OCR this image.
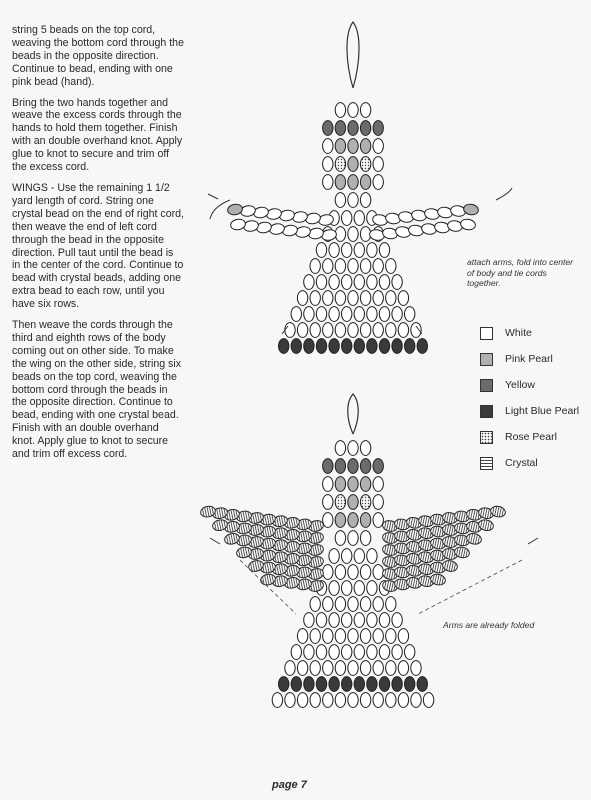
string 5 beads on the top cord, weaving the bottom cord through the beads in the opposite direction. Continue to bead, ending with one pink bead (hand).

Bring the two hands together and weave the excess cords through the hands to hold them together. Finish with an double overhand knot. Apply glue to knot to secure and trim off the excess cord.

WINGS - Use the remaining 1 1/2 yard length of cord. String one crystal bead on the end of right cord, then weave the end of left cord through the bead in the opposite direction. Pull taut until the bead is in the center of the cord. Continue to bead with crystal beads, adding one extra bead to each row, until you have six rows.

Then weave the cords through the third and eighth rows of the body coming out on other side. To make the wing on the other side, string six beads on the top cord, weaving the bottom cord through the beads in the opposite direction. Continue to bead, ending with one crystal bead. Finish with an double overhand knot. Apply glue to knot to secure and trim off excess cord.

attach arms, fold into center of body and tie cords together.
White
Pink Pearl
Yellow
Light Blue Pearl
Rose Pearl
Crystal
Arms are already folded
page 7
